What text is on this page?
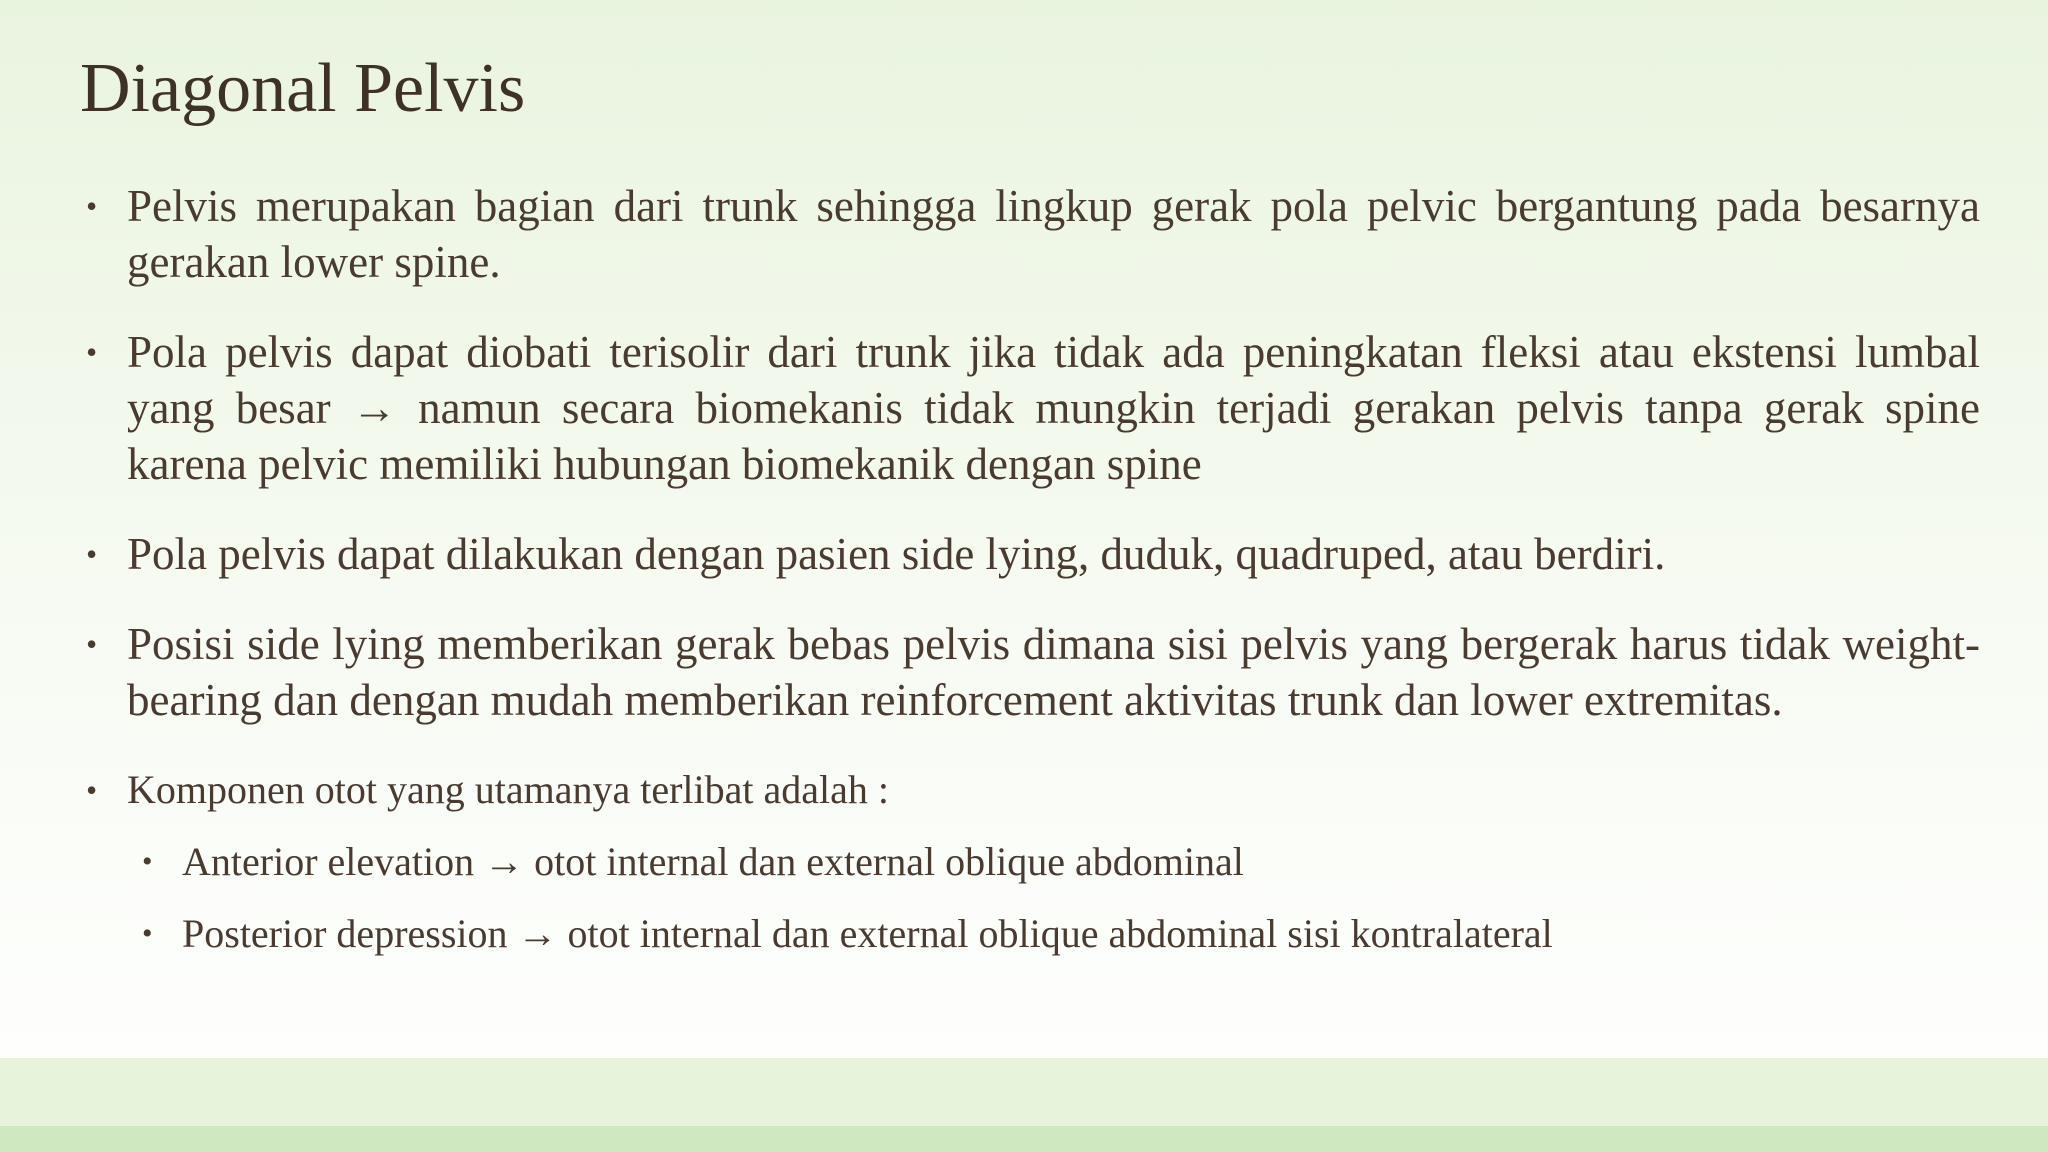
Diagonal Pelvis
• Pelvis merupakan bagian dari trunk sehingga lingkup gerak pola pelvic bergantung pada besarnya gerakan lower spine.
• Pola pelvis dapat diobati terisolir dari trunk jika tidak ada peningkatan fleksi atau ekstensi lumbal yang besar → namun secara biomekanis tidak mungkin terjadi gerakan pelvis tanpa gerak spine karena pelvic memiliki hubungan biomekanik dengan spine
• Pola pelvis dapat dilakukan dengan pasien side lying, duduk, quadruped, atau berdiri.
• Posisi side lying memberikan gerak bebas pelvis dimana sisi pelvis yang bergerak harus tidak weight-bearing dan dengan mudah memberikan reinforcement aktivitas trunk dan lower extremitas.
• Komponen otot yang utamanya terlibat adalah :
• Anterior elevation → otot internal dan external oblique abdominal
• Posterior depression → otot internal dan external oblique abdominal sisi kontralateral
